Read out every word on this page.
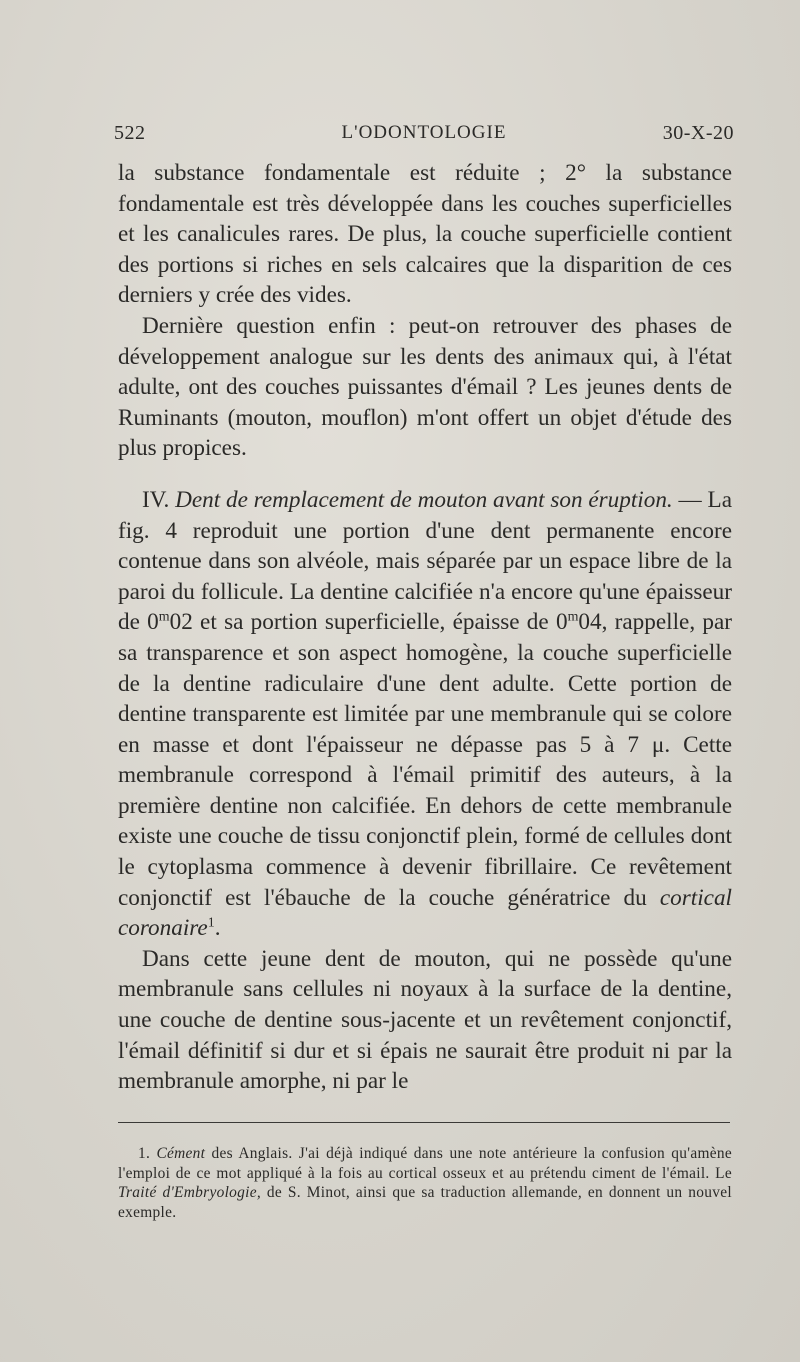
522	L'ODONTOLOGIE	30-X-20

la substance fondamentale est réduite ; 2° la substance fondamentale est très développée dans les couches superficielles et les canalicules rares. De plus, la couche superficielle contient des portions si riches en sels calcaires que la disparition de ces derniers y crée des vides.

Dernière question enfin : peut-on retrouver des phases de développement analogue sur les dents des animaux qui, à l'état adulte, ont des couches puissantes d'émail ? Les jeunes dents de Ruminants (mouton, mouflon) m'ont offert un objet d'étude des plus propices.

IV. Dent de remplacement de mouton avant son éruption. — La fig. 4 reproduit une portion d'une dent permanente encore contenue dans son alvéole, mais séparée par un espace libre de la paroi du follicule. La dentine calcifiée n'a encore qu'une épaisseur de 0$^m$02 et sa portion superficielle, épaisse de 0$^m$04, rappelle, par sa transparence et son aspect homogène, la couche superficielle de la dentine radiculaire d'une dent adulte. Cette portion de dentine transparente est limitée par une membranule qui se colore en masse et dont l'épaisseur ne dépasse pas 5 à 7 μ. Cette membranule correspond à l'émail primitif des auteurs, à la première dentine non calcifiée. En dehors de cette membranule existe une couche de tissu conjonctif plein, formé de cellules dont le cytoplasma commence à devenir fibrillaire. Ce revêtement conjonctif est l'ébauche de la couche génératrice du cortical coronaire$^1$.

Dans cette jeune dent de mouton, qui ne possède qu'une membranule sans cellules ni noyaux à la surface de la dentine, une couche de dentine sous-jacente et un revêtement conjonctif, l'émail définitif si dur et si épais ne saurait être produit ni par la membranule amorphe, ni par le

1. Cément des Anglais. J'ai déjà indiqué dans une note antérieure la confusion qu'amène l'emploi de ce mot appliqué à la fois au cortical osseux et au prétendu ciment de l'émail. Le Traité d'Embryologie, de S. Minot, ainsi que sa traduction allemande, en donnent un nouvel exemple.
